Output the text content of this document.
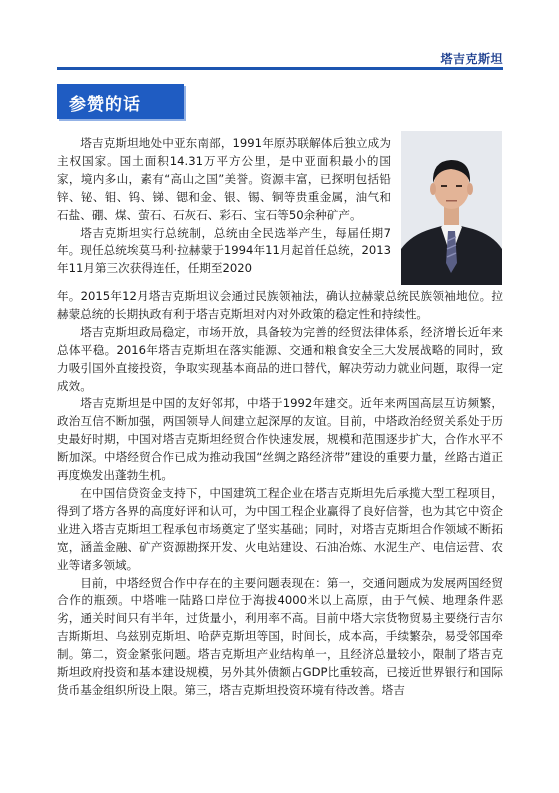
塔吉克斯坦
参赞的话

塔吉克斯坦地处中亚东南部，1991年原苏联解体后独立成为主权国家。国土面积14.31万平方公里，是中亚面积最小的国家，境内多山，素有“高山之国”美誉。资源丰富，已探明包括铅锌、铋、钼、钨、锑、锶和金、银、锡、铜等贵重金属，油气和石盐、硼、煤、萤石、石灰石、彩石、宝石等50余种矿产。

塔吉克斯坦实行总统制，总统由全民选举产生，每届任期7年。现任总统埃莫马利·拉赫蒙于1994年11月起首任总统，2013年11月第三次获得连任，任期至2020

年。2015年12月塔吉克斯坦议会通过民族领袖法，确认拉赫蒙总统民族领袖地位。拉赫蒙总统的长期执政有利于塔吉克斯坦对内对外政策的稳定性和持续性。

塔吉克斯坦政局稳定，市场开放，具备较为完善的经贸法律体系，经济增长近年来总体平稳。2016年塔吉克斯坦在落实能源、交通和粮食安全三大发展战略的同时，致力吸引国外直接投资，争取实现基本商品的进口替代，解决劳动力就业问题，取得一定成效。

塔吉克斯坦是中国的友好邻邦，中塔于1992年建交。近年来两国高层互访频繁，政治互信不断加强，两国领导人间建立起深厚的友谊。目前，中塔政治经贸关系处于历史最好时期，中国对塔吉克斯坦经贸合作快速发展，规模和范围逐步扩大，合作水平不断加深。中塔经贸合作已成为推动我国“丝绸之路经济带”建设的重要力量，丝路古道正再度焕发出蓬勃生机。

在中国信贷资金支持下，中国建筑工程企业在塔吉克斯坦先后承揽大型工程项目，得到了塔方各界的高度好评和认可，为中国工程企业赢得了良好信誉，也为其它中资企业进入塔吉克斯坦工程承包市场奠定了坚实基础；同时，对塔吉克斯坦合作领域不断拓宽，涵盖金融、矿产资源勘探开发、火电站建设、石油冶炼、水泥生产、电信运营、农业等诸多领域。

目前，中塔经贸合作中存在的主要问题表现在：第一，交通问题成为发展两国经贸合作的瓶颈。中塔唯一陆路口岸位于海拔4000米以上高原，由于气候、地理条件恶劣，通关时间只有半年，过货量小，利用率不高。目前中塔大宗货物贸易主要绕行吉尔吉斯斯坦、乌兹别克斯坦、哈萨克斯坦等国，时间长，成本高，手续繁杂，易受邻国牵制。第二，资金紧张问题。塔吉克斯坦产业结构单一，且经济总量较小，限制了塔吉克斯坦政府投资和基本建设规模，另外其外债额占GDP比重较高，已接近世界银行和国际货币基金组织所设上限。第三，塔吉克斯坦投资环境有待改善。塔吉
